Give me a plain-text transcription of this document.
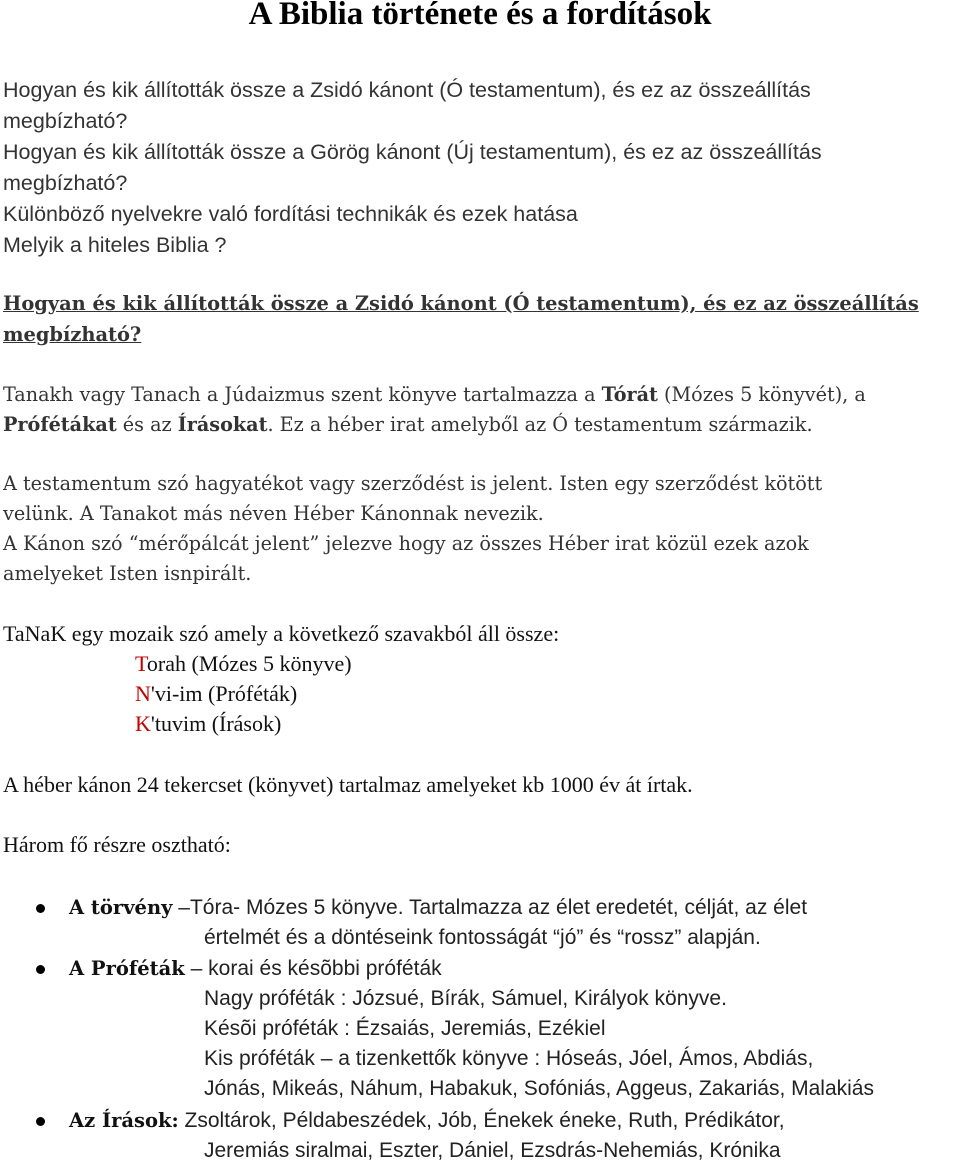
A Biblia története és a fordítások
Hogyan és kik állították össze a Zsidó kánont (Ó testamentum), és ez az összeállítás
megbízható?
Hogyan és kik állították össze a Görög kánont (Új testamentum), és ez az összeállítás
megbízható?
Különböző nyelvekre való fordítási technikák és ezek hatása
Melyik a hiteles Biblia ?
Hogyan és kik állították össze a Zsidó kánont (Ó testamentum), és ez az összeállítás
megbízható?
Tanakh vagy Tanach a Júdaizmus szent könyve tartalmazza a Tórát (Mózes 5 könyvét), a
Prófétákat és az Írásokat. Ez a héber irat amelyből az Ó testamentum származik.
A testamentum szó hagyatékot vagy szerződést is jelent. Isten egy szerződést kötött
velünk. A Tanakot más néven Héber Kánonnak nevezik.
A Kánon szó “mérőpálcát jelent” jelezve hogy az összes Héber irat közül ezek azok
amelyeket Isten isnpirált.
TaNaK egy mozaik szó amely a következő szavakból áll össze:
Torah (Mózes 5 könyve)
N'vi-im (Próféták)
K'tuvim (Írások)
A héber kánon 24 tekercset (könyvet) tartalmaz amelyeket kb 1000 év át írtak.
Három fő részre osztható:
A törvény –Tóra- Mózes 5 könyve. Tartalmazza az élet eredetét, célját, az élet
értelmét és a döntéseink fontosságát “jó” és “rossz” alapján.
A Próféták – korai és késõbbi próféták
Nagy próféták : Józsué, Bírák, Sámuel, Királyok könyve.
Késõi próféták : Ézsaiás, Jeremiás, Ezékiel
Kis próféták – a tizenkettők könyve : Hóseás, Jóel, Ámos, Abdiás,
Jónás, Mikeás, Náhum, Habakuk, Sofóniás, Aggeus, Zakariás, Malakiás
Az Írások: Zsoltárok, Példabeszédek, Jób, Énekek éneke, Ruth, Prédikátor,
Jeremiás siralmai, Eszter, Dániel, Ezsdrás-Nehemiás, Krónika
